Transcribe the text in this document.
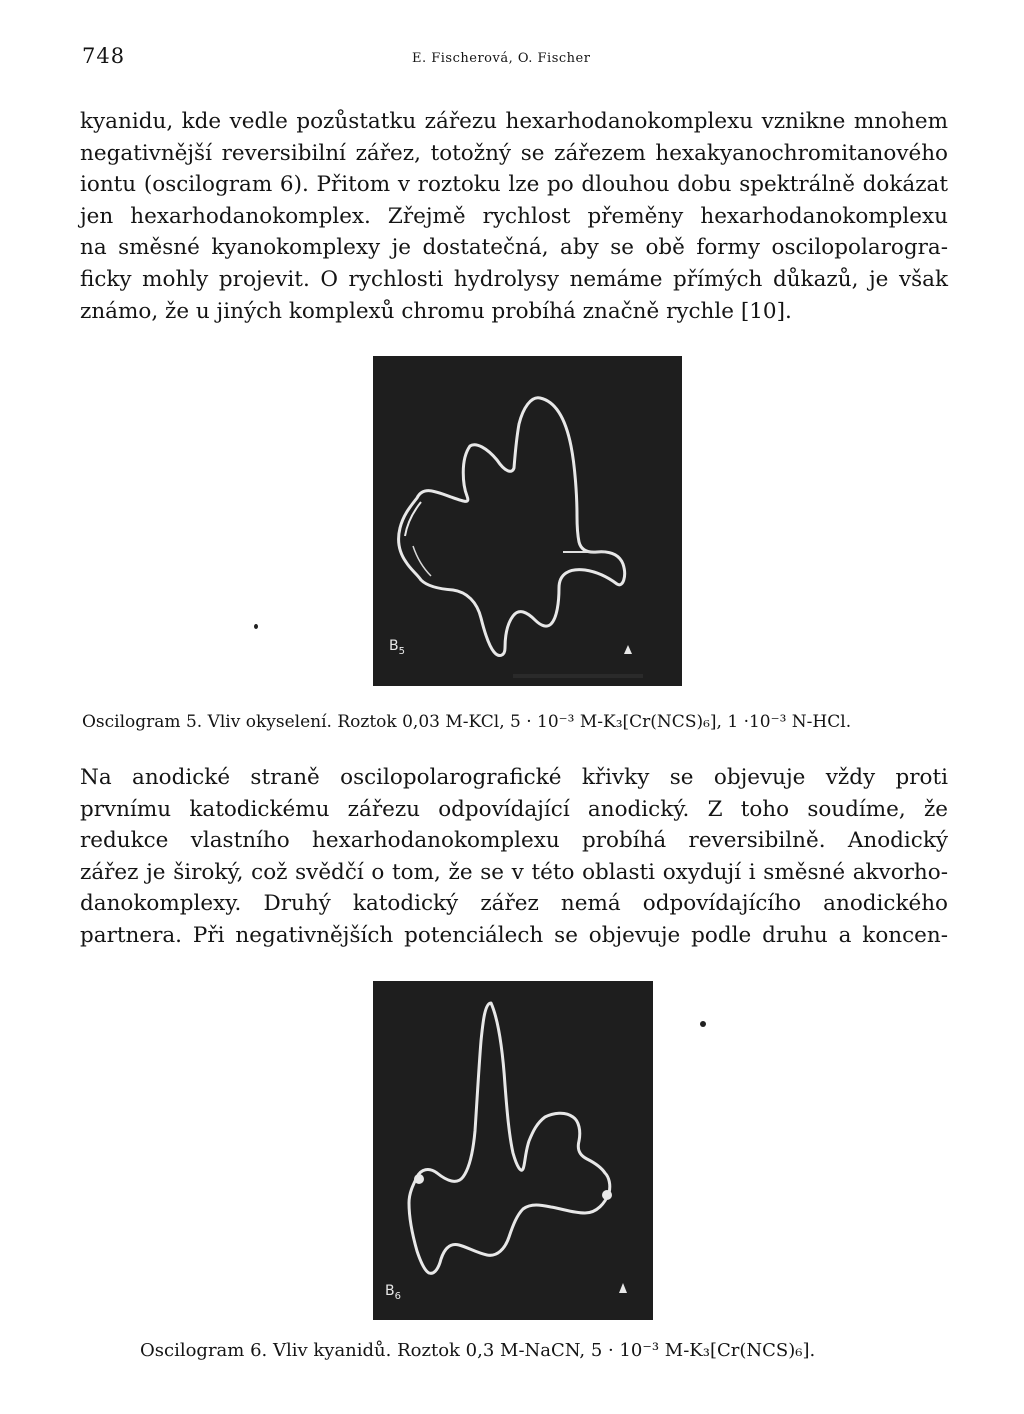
748	E. Fischerová, O. Fischer

kyanidu, kde vedle pozůstatku zářezu hexarhodanokomplexu vznikne mnohem
negativnější reversibilní zářez, totožný se zářezem hexakyanochromitanového
iontu (oscilogram 6). Přitom v roztoku lze po dlouhou dobu spektrálně dokázat
jen hexarhodanokomplex. Zřejmě rychlost přeměny hexarhodanokomplexu
na směsné kyanokomplexy je dostatečná, aby se obě formy oscilopolarogra-
ficky mohly projevit. O rychlosti hydrolysy nemáme přímých důkazů, je však
známo, že u jiných komplexů chromu probíhá značně rychle [10].

$B_5$

Oscilogram 5. Vliv okyselení. Roztok 0,03 M-KCl, 5 · 10⁻³ M-K₃[Cr(NCS)₆], 1 ·10⁻³ N-HCl.

Na anodické straně oscilopolarografické křivky se objevuje vždy proti
prvnímu katodickému zářezu odpovídající anodický. Z toho soudíme, že
redukce vlastního hexarhodanokomplexu probíhá reversibilně. Anodický
zářez je široký, což svědčí o tom, že se v této oblasti oxydují i směsné akvorho-
danokomplexy. Druhý katodický zářez nemá odpovídajícího anodického
partnera. Při negativnějších potenciálech se objevuje podle druhu a koncen-

$B_6$

Oscilogram 6. Vliv kyanidů. Roztok 0,3 M-NaCN, 5 · 10⁻³ M-K₃[Cr(NCS)₆].
